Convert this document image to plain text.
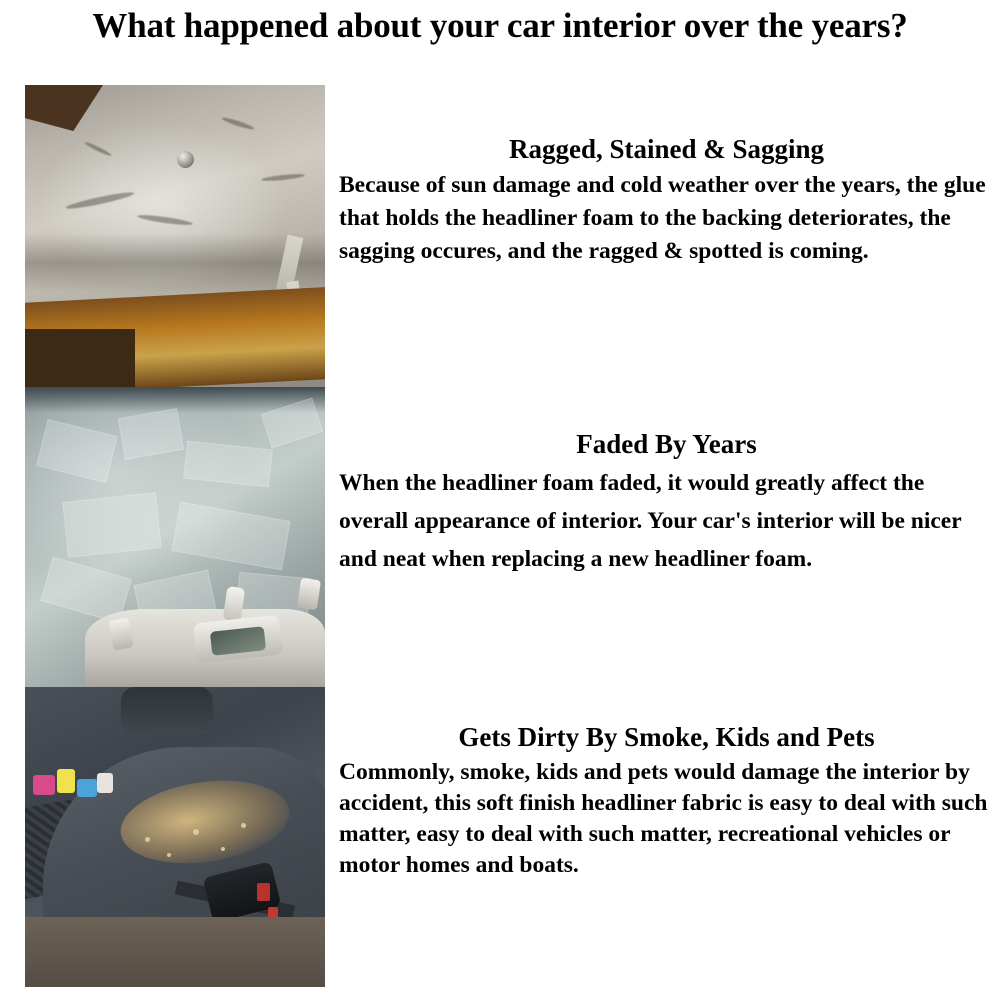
What happened about your car interior over the years?
Ragged, Stained & Sagging

Because of sun damage and cold weather over the years, the glue that holds the headliner foam to the backing deteriorates, the sagging occures, and the ragged & spotted is coming.

Faded By Years

When the headliner foam faded, it would greatly affect the overall appearance of interior. Your car's interior will be nicer and neat when replacing a new headliner foam.

Gets Dirty By Smoke, Kids and Pets

Commonly, smoke, kids and pets would damage the interior by accident, this soft finish headliner fabric is easy to deal with such matter, easy to deal with such matter, recreational vehicles or motor homes and boats.
